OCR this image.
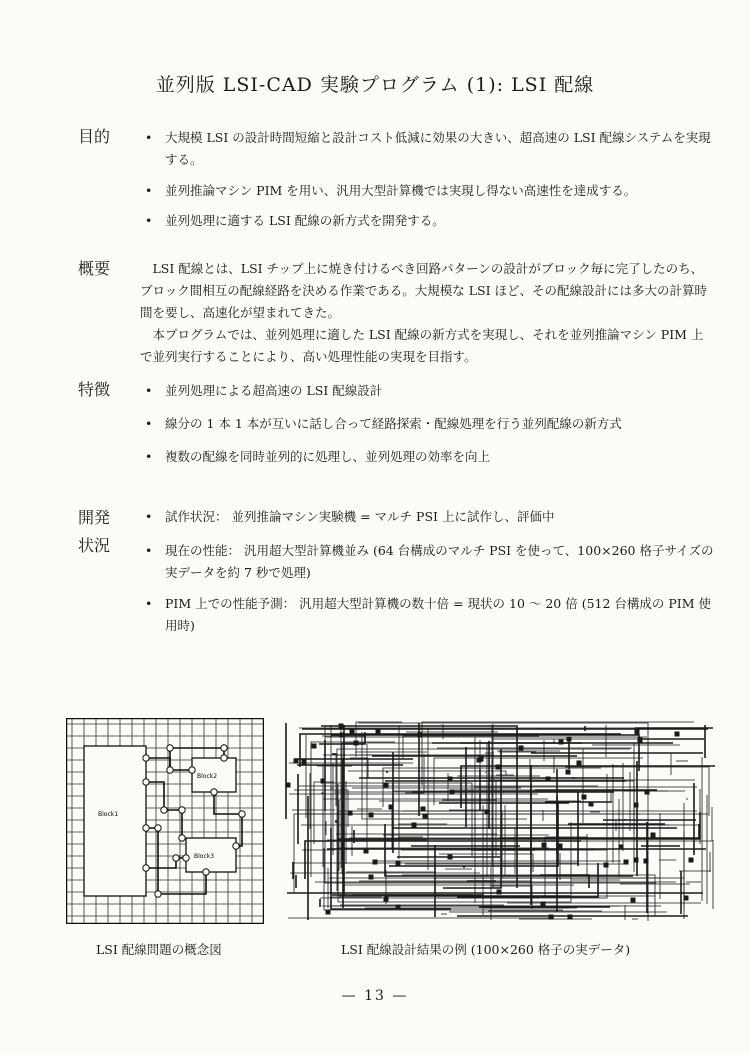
並列版 LSI-CAD 実験プログラム (1): LSI 配線
目的	• 大規模 LSI の設計時間短縮と設計コスト低減に効果の大きい、超高速の LSI 配線システムを実現する。
• 並列推論マシン PIM を用い、汎用大型計算機では実現し得ない高速性を達成する。
• 並列処理に適する LSI 配線の新方式を開発する。
概要	LSI 配線とは、LSI チップ上に焼き付けるべき回路パターンの設計がブロック毎に完了したのち、ブロック間相互の配線経路を決める作業である。大規模な LSI ほど、その配線設計には多大の計算時間を要し、高速化が望まれてきた。

本プログラムでは、並列処理に適した LSI 配線の新方式を実現し、それを並列推論マシン PIM 上で並列実行することにより、高い処理性能の実現を目指す。

特徴	• 並列処理による超高速の LSI 配線設計
• 線分の 1 本 1 本が互いに話し合って経路探索・配線処理を行う並列配線の新方式
• 複数の配線を同時並列的に処理し、並列処理の効率を向上
開発
状況
• 試作状況： 並列推論マシン実験機 = マルチ PSI 上に試作し、評価中
• 現在の性能： 汎用超大型計算機並み (64 台構成のマルチ PSI を使って、100×260 格子サイズの実データを約 7 秒で処理)
• PIM 上での性能予測： 汎用超大型計算機の数十倍 = 現状の 10 ～ 20 倍 (512 台構成の PIM 使用時)
Block1
Block2
Block3
LSI 配線問題の概念図	LSI 配線設計結果の例 (100×260 格子の実データ)
— 13 —
